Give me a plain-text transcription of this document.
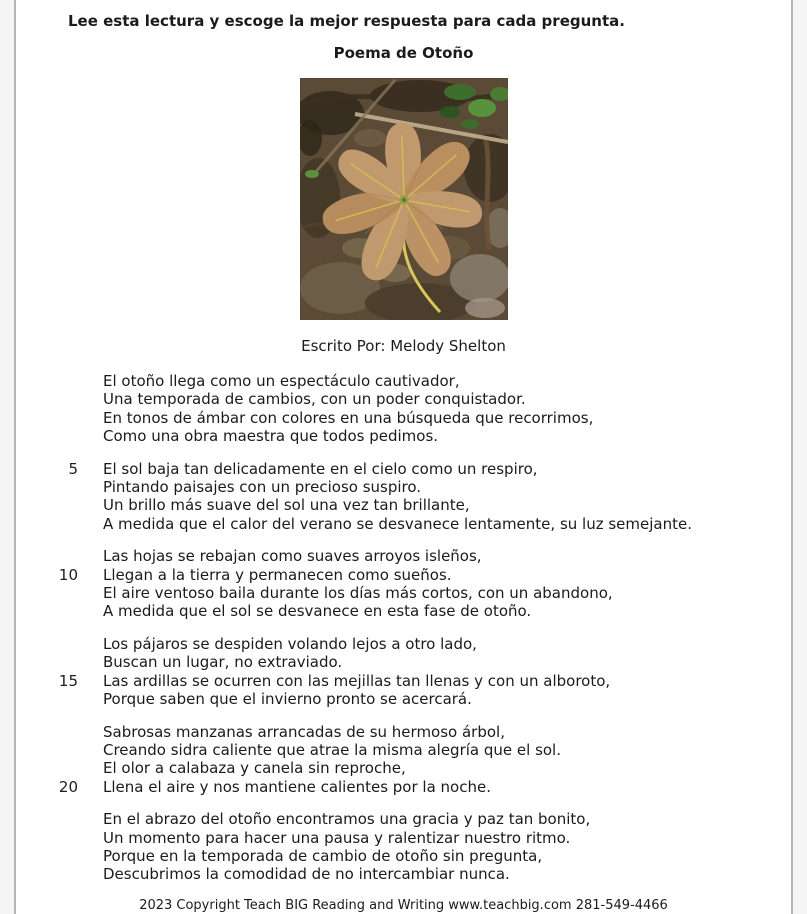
Lee esta lectura y escoge la mejor respuesta para cada pregunta.
Poema de Otoño
Escrito Por: Melody Shelton
El otoño llega como un espectáculo cautivador,
Una temporada de cambios, con un poder conquistador.
En tonos de ámbar con colores en una búsqueda que recorrimos,
Como una obra maestra que todos pedimos.
5 El sol baja tan delicadamente en el cielo como un respiro,
Pintando paisajes con un precioso suspiro.
Un brillo más suave del sol una vez tan brillante,
A medida que el calor del verano se desvanece lentamente, su luz semejante.
Las hojas se rebajan como suaves arroyos isleños,
10 Llegan a la tierra y permanecen como sueños.
El aire ventoso baila durante los días más cortos, con un abandono,
A medida que el sol se desvanece en esta fase de otoño.
Los pájaros se despiden volando lejos a otro lado,
Buscan un lugar, no extraviado.
15 Las ardillas se ocurren con las mejillas tan llenas y con un alboroto,
Porque saben que el invierno pronto se acercará.
Sabrosas manzanas arrancadas de su hermoso árbol,
Creando sidra caliente que atrae la misma alegría que el sol.
El olor a calabaza y canela sin reproche,
20 Llena el aire y nos mantiene calientes por la noche.
En el abrazo del otoño encontramos una gracia y paz tan bonito,
Un momento para hacer una pausa y ralentizar nuestro ritmo.
Porque en la temporada de cambio de otoño sin pregunta,
Descubrimos la comodidad de no intercambiar nunca.
2023 Copyright Teach BIG Reading and Writing www.teachbig.com 281-549-4466
